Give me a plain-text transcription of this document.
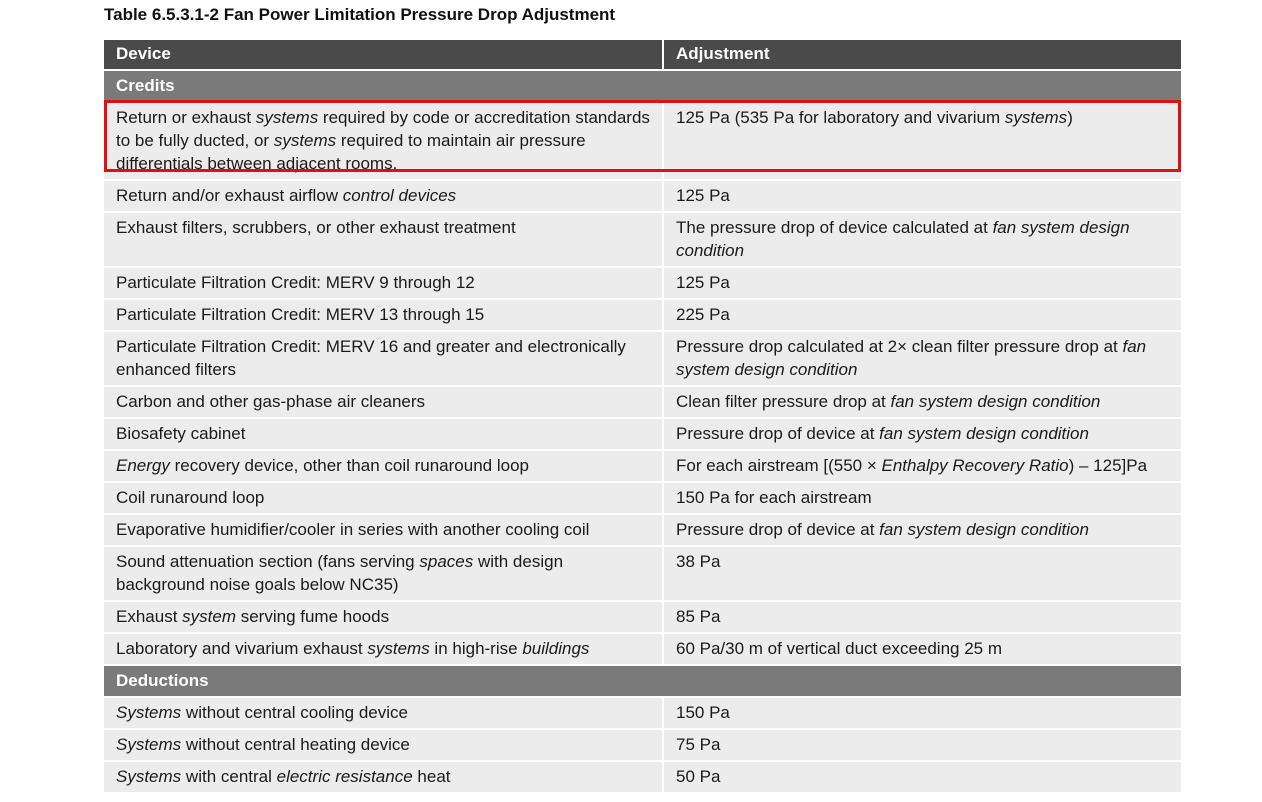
Table 6.5.3.1-2 Fan Power Limitation Pressure Drop Adjustment
Device	Adjustment
Credits	
Return or exhaust systems required by code or accreditation standards to be fully ducted, or systems required to maintain air pressure differentials between adjacent rooms.	125 Pa (535 Pa for laboratory and vivarium systems)
Return and/or exhaust airflow control devices	125 Pa
Exhaust filters, scrubbers, or other exhaust treatment	The pressure drop of device calculated at fan system design condition
Particulate Filtration Credit: MERV 9 through 12	125 Pa
Particulate Filtration Credit: MERV 13 through 15	225 Pa
Particulate Filtration Credit: MERV 16 and greater and electronically enhanced filters	Pressure drop calculated at 2× clean filter pressure drop at fan system design condition
Carbon and other gas-phase air cleaners	Clean filter pressure drop at fan system design condition
Biosafety cabinet	Pressure drop of device at fan system design condition
Energy recovery device, other than coil runaround loop	For each airstream [(550 × Enthalpy Recovery Ratio) – 125]Pa
Coil runaround loop	150 Pa for each airstream
Evaporative humidifier/cooler in series with another cooling coil	Pressure drop of device at fan system design condition
Sound attenuation section (fans serving spaces with design background noise goals below NC35)	38 Pa
Exhaust system serving fume hoods	85 Pa
Laboratory and vivarium exhaust systems in high-rise buildings	60 Pa/30 m of vertical duct exceeding 25 m
Deductions	
Systems without central cooling device	150 Pa
Systems without central heating device	75 Pa
Systems with central electric resistance heat	50 Pa
